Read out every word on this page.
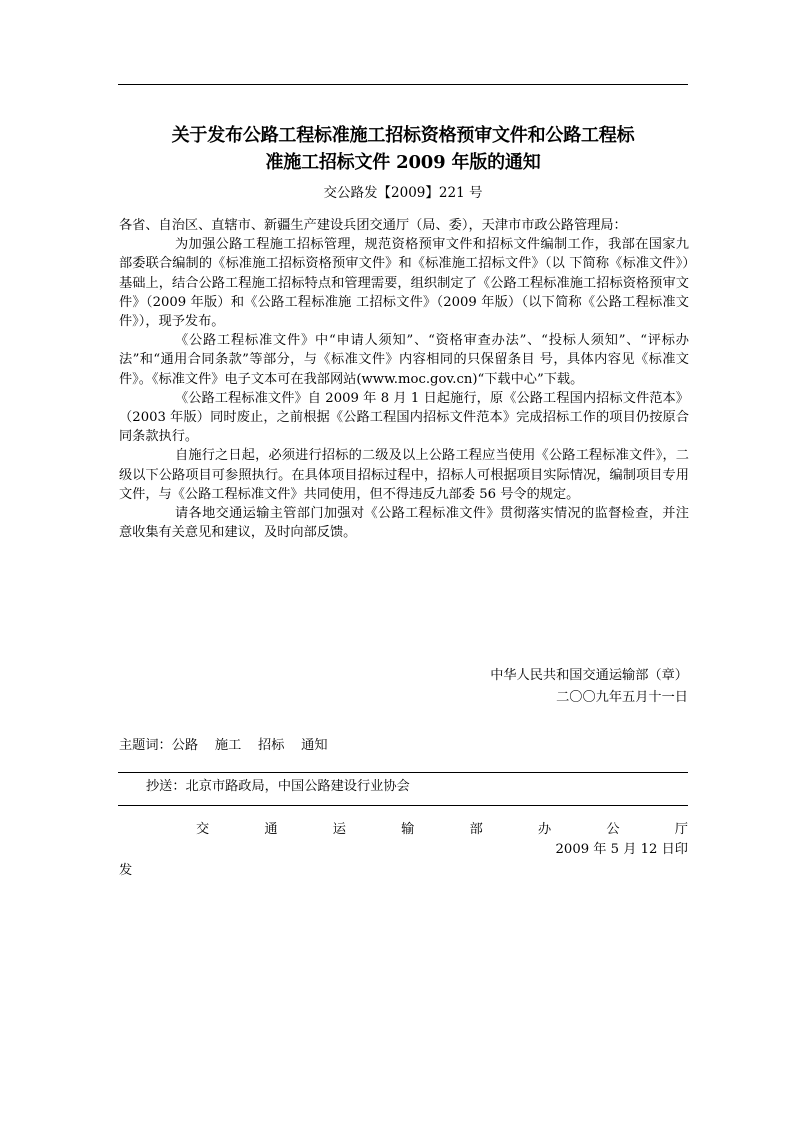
关于发布公路工程标准施工招标资格预审文件和公路工程标
准施工招标文件 2009 年版的通知
交公路发【2009】221 号

各省、自治区、直辖市、新疆生产建设兵团交通厅（局、委），天津市市政公路管理局：

为加强公路工程施工招标管理，规范资格预审文件和招标文件编制工作，我部在国家九部委联合编制的《标准施工招标资格预审文件》和《标准施工招标文件》（以 下简称《标准文件》）基础上，结合公路工程施工招标特点和管理需要，组织制定了《公路工程标准施工招标资格预审文件》（2009 年版）和《公路工程标准施 工招标文件》（2009 年版）（以下简称《公路工程标准文件》），现予发布。

《公路工程标准文件》中“申请人须知”、“资格审查办法”、“投标人须知”、“评标办法”和“通用合同条款”等部分，与《标准文件》内容相同的只保留条目 号，具体内容见《标准文件》。《标准文件》电子文本可在我部网站(www.moc.gov.cn)“下载中心”下载。

《公路工程标准文件》自 2009 年 8 月 1 日起施行，原《公路工程国内招标文件范本》（2003 年版）同时废止，之前根据《公路工程国内招标文件范本》完成招标工作的项目仍按原合同条款执行。

自施行之日起，必须进行招标的二级及以上公路工程应当使用《公路工程标准文件》，二级以下公路项目可参照执行。在具体项目招标过程中，招标人可根据项目实际情况，编制项目专用文件，与《公路工程标准文件》共同使用，但不得违反九部委 56 号令的规定。

请各地交通运输主管部门加强对《公路工程标准文件》贯彻落实情况的监督检查，并注意收集有关意见和建议，及时向部反馈。

中华人民共和国交通运输部（章）
二〇〇九年五月十一日
主题词：公路    施工    招标    通知
抄送：北京市路政局，中国公路建设行业协会
交	通	运	输	部	办	公	厅
2009 年 5 月 12 日印
发
